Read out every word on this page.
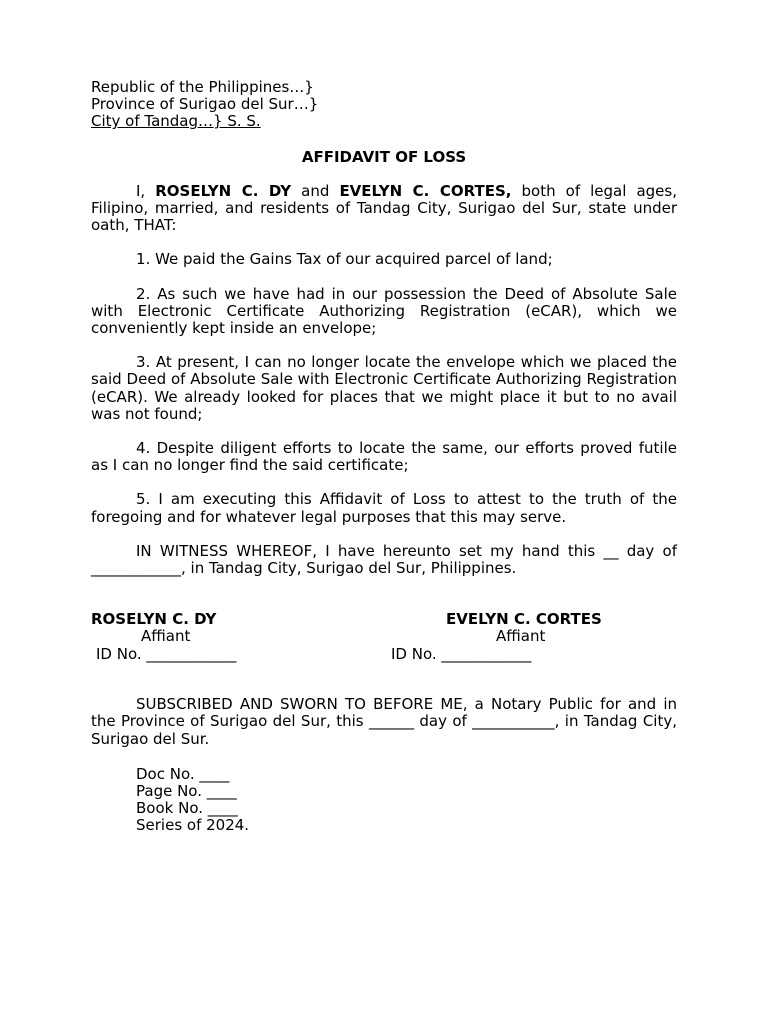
Republic of the Philippines…}
Province of Surigao del Sur…}
City of Tandag…} S. S.
AFFIDAVIT OF LOSS
I, ROSELYN C. DY and EVELYN C. CORTES, both of legal ages, Filipino, married, and residents of Tandag City, Surigao del Sur, state under oath, THAT:
1. We paid the Gains Tax of our acquired parcel of land;
2. As such we have had in our possession the Deed of Absolute Sale with Electronic Certificate Authorizing Registration (eCAR), which we conveniently kept inside an envelope;
3. At present, I can no longer locate the envelope which we placed the said Deed of Absolute Sale with Electronic Certificate Authorizing Registration (eCAR). We already looked for places that we might place it but to no avail was not found;
4. Despite diligent efforts to locate the same, our efforts proved futile as I can no longer find the said certificate;
5. I am executing this Affidavit of Loss to attest to the truth of the foregoing and for whatever legal purposes that this may serve.
IN WITNESS WHEREOF, I have hereunto set my hand this __ day of ____________, in Tandag City, Surigao del Sur, Philippines.
ROSELYN C. DY
Affiant
ID No. ____________
EVELYN C. CORTES
Affiant
ID No. ____________
SUBSCRIBED AND SWORN TO BEFORE ME, a Notary Public for and in the Province of Surigao del Sur, this ______ day of ___________, in Tandag City, Surigao del Sur.
Doc No. ____
Page No. ____
Book No. ____
Series of 2024.
